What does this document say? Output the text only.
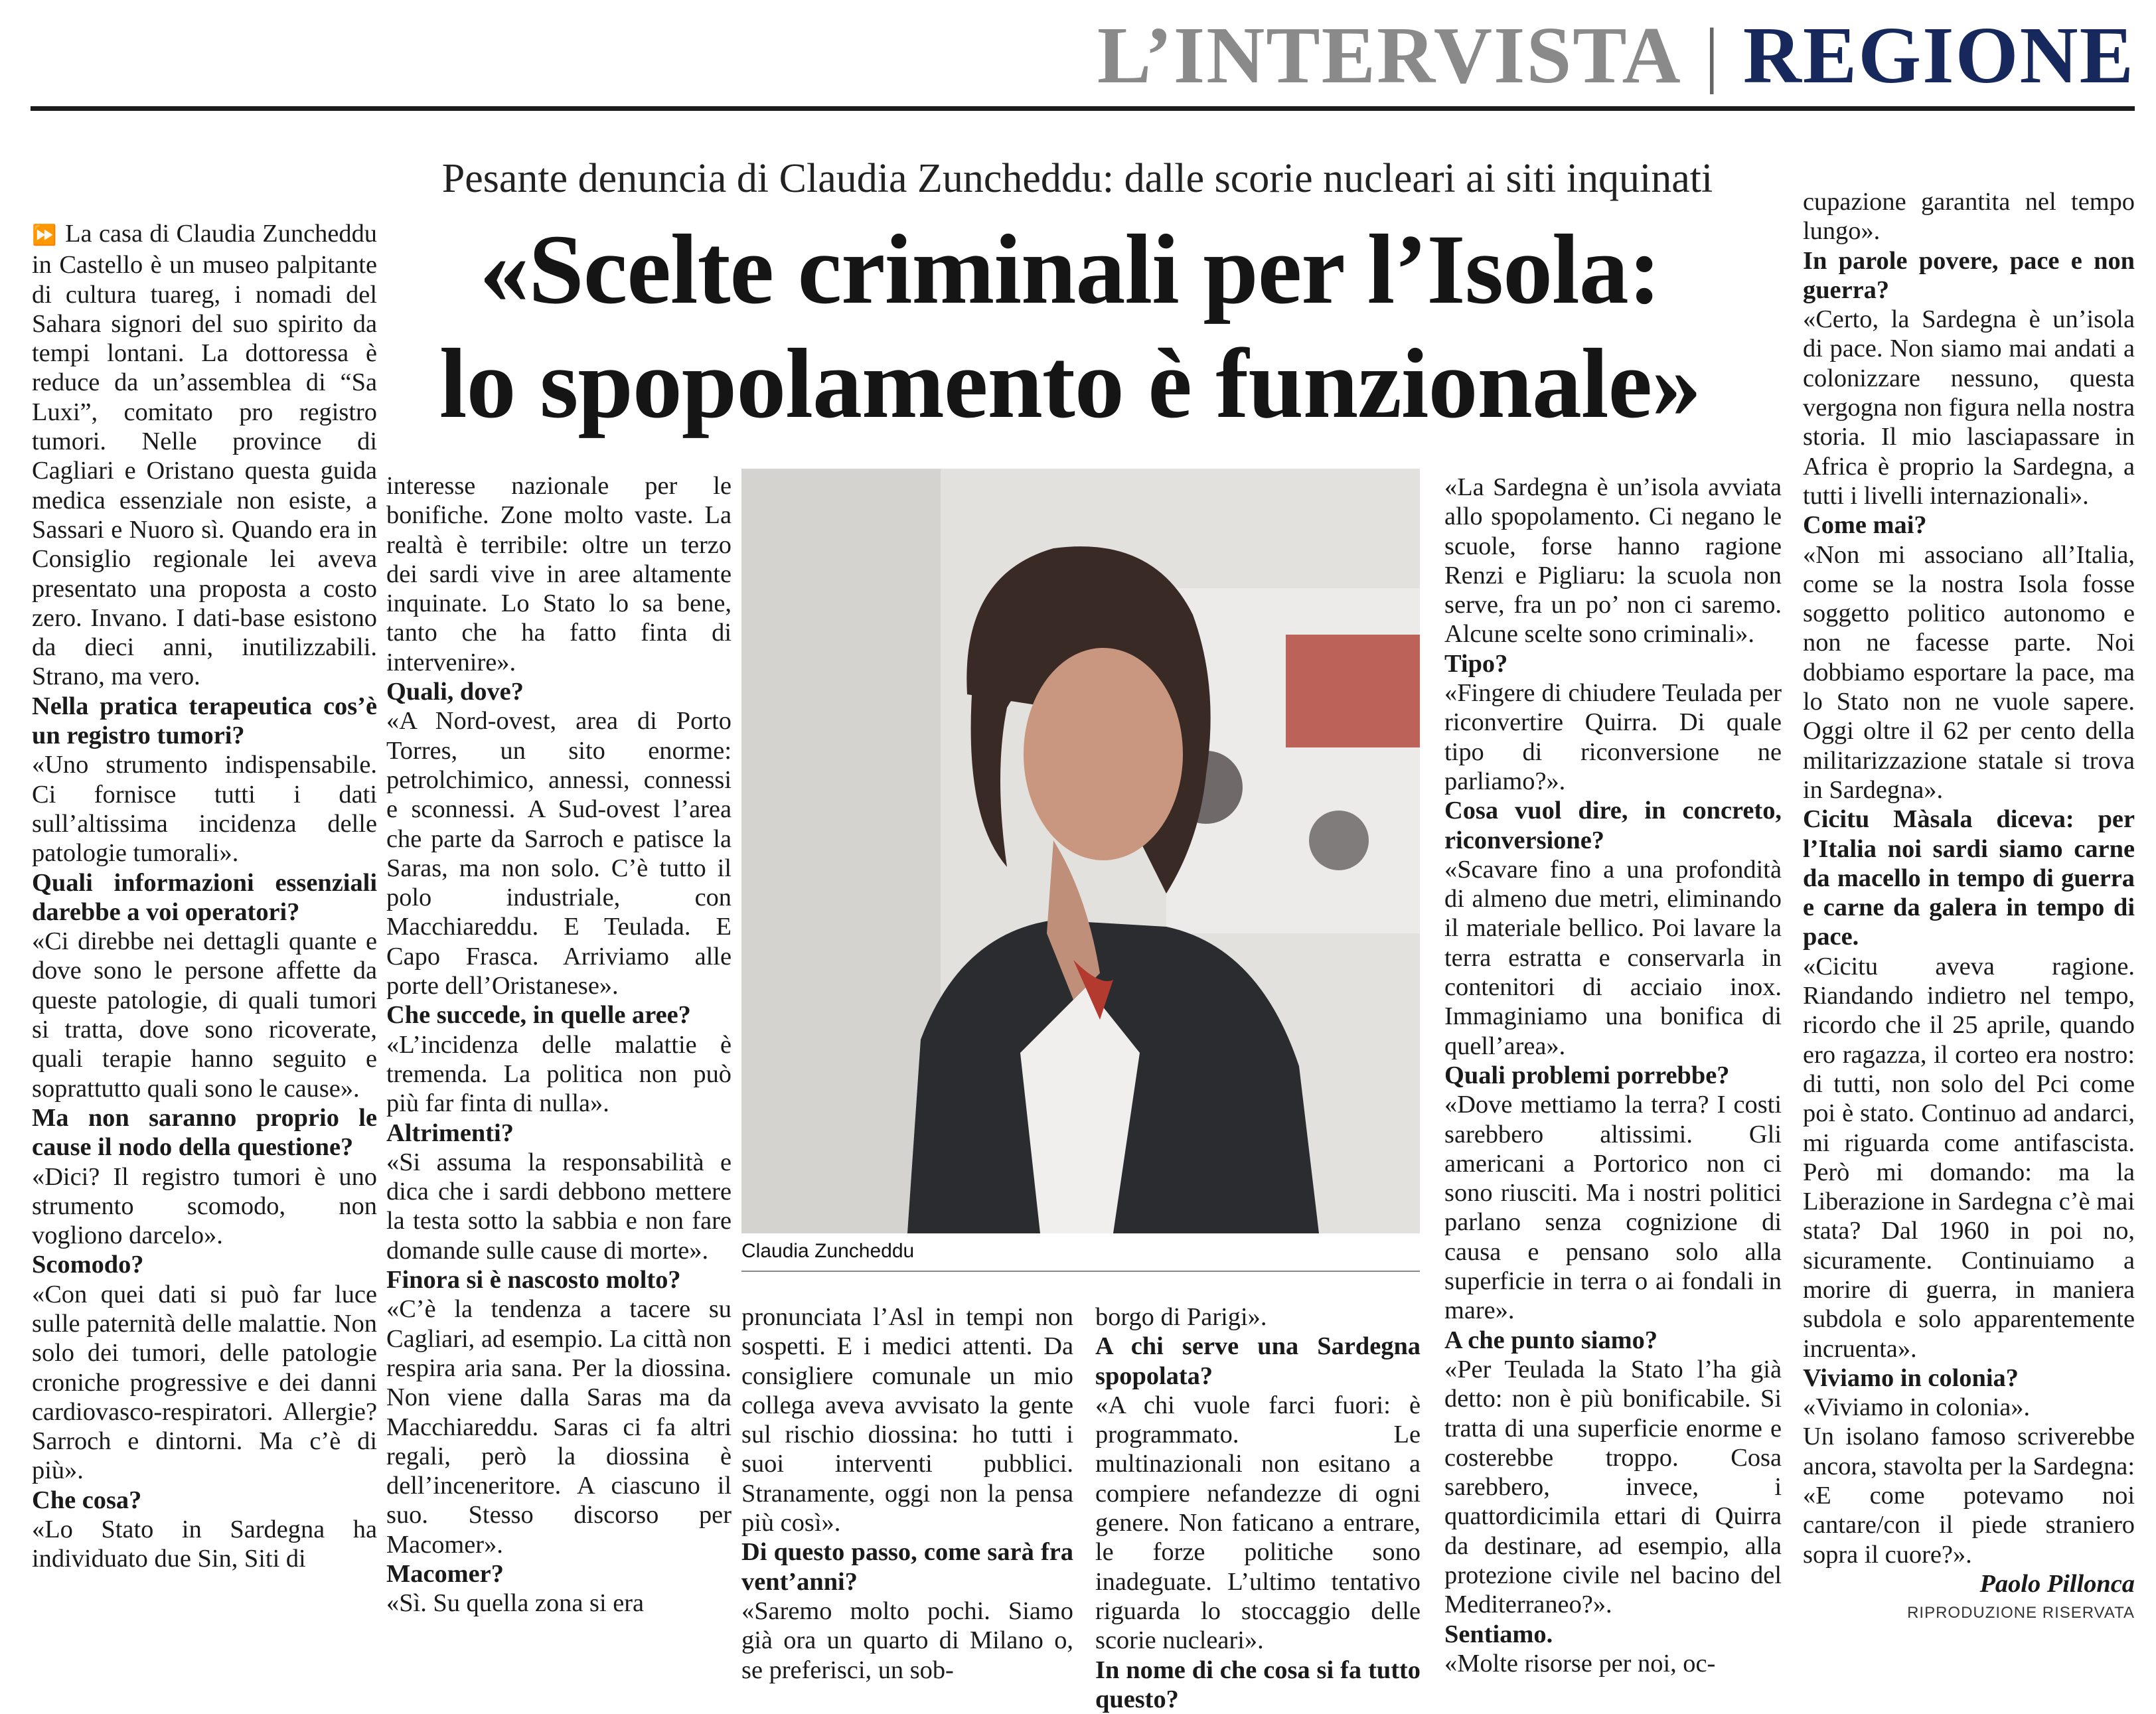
L’INTERVISTA | REGIONE
Pesante denuncia di Claudia Zuncheddu: dalle scorie nucleari ai siti inquinati
«Scelte criminali per l’Isola:
lo spopolamento è funzionale»

⏩ La casa di Claudia Zuncheddu in Castello è un museo palpitante di cultura tuareg, i nomadi del Sahara signori del suo spirito da tempi lontani. La dottoressa è reduce da un’assemblea di “Sa Luxi”, comitato pro registro tumori. Nelle province di Cagliari e Oristano questa guida medica essenziale non esiste, a Sassari e Nuoro sì. Quando era in Consiglio regionale lei aveva presentato una proposta a costo zero. Invano. I dati-base esistono da dieci anni, inutilizzabili. Strano, ma vero.

Nella pratica terapeutica cos’è un registro tumori?

«Uno strumento indispensabile. Ci fornisce tutti i dati sull’altissima incidenza delle patologie tumorali».

Quali informazioni essenziali darebbe a voi operatori?

«Ci direbbe nei dettagli quante e dove sono le persone affette da queste patologie, di quali tumori si tratta, dove sono ricoverate, quali terapie hanno seguito e soprattutto quali sono le cause».

Ma non saranno proprio le cause il nodo della questione?

«Dici? Il registro tumori è uno strumento scomodo, non vogliono darcelo».

Scomodo?

«Con quei dati si può far luce sulle paternità delle malattie. Non solo dei tumori, delle patologie croniche progressive e dei danni cardiovasco-respiratori. Allergie? Sarroch e dintorni. Ma c’è di più».

Che cosa?

«Lo Stato in Sardegna ha individuato due Sin, Siti di

interesse nazionale per le bonifiche. Zone molto vaste. La realtà è terribile: oltre un terzo dei sardi vive in aree altamente inquinate. Lo Stato lo sa bene, tanto che ha fatto finta di intervenire».

Quali, dove?

«A Nord-ovest, area di Porto Torres, un sito enorme: petrolchimico, annessi, connessi e sconnessi. A Sud-ovest l’area che parte da Sarroch e patisce la Saras, ma non solo. C’è tutto il polo industriale, con Macchiareddu. E Teulada. E Capo Frasca. Arriviamo alle porte dell’Oristanese».

Che succede, in quelle aree?

«L’incidenza delle malattie è tremenda. La politica non può più far finta di nulla».

Altrimenti?

«Si assuma la responsabilità e dica che i sardi debbono mettere la testa sotto la sabbia e non fare domande sulle cause di morte».

Finora si è nascosto molto?

«C’è la tendenza a tacere su Cagliari, ad esempio. La città non respira aria sana. Per la diossina. Non viene dalla Saras ma da Macchiareddu. Saras ci fa altri regali, però la diossina è dell’inceneritore. A ciascuno il suo. Stesso discorso per Macomer».

Macomer?

«Sì. Su quella zona si era

pronunciata l’Asl in tempi non sospetti. E i medici attenti. Da consigliere comunale un mio collega aveva avvisato la gente sul rischio diossina: ho tutti i suoi interventi pubblici. Stranamente, oggi non la pensa più così».

Di questo passo, come sarà fra vent’anni?

«Saremo molto pochi. Siamo già ora un quarto di Milano o, se preferisci, un sob-

borgo di Parigi».

A chi serve una Sardegna spopolata?

«A chi vuole farci fuori: è programmato. Le multinazionali non esitano a compiere nefandezze di ogni genere. Non faticano a entrare, le forze politiche sono inadeguate. L’ultimo tentativo riguarda lo stoccaggio delle scorie nucleari».

In nome di che cosa si fa tutto questo?

«La Sardegna è un’isola avviata allo spopolamento. Ci negano le scuole, forse hanno ragione Renzi e Pigliaru: la scuola non serve, fra un po’ non ci saremo. Alcune scelte sono criminali».

Tipo?

«Fingere di chiudere Teulada per riconvertire Quirra. Di quale tipo di riconversione ne parliamo?».

Cosa vuol dire, in concreto, riconversione?

«Scavare fino a una profondità di almeno due metri, eliminando il materiale bellico. Poi lavare la terra estratta e conservarla in contenitori di acciaio inox. Immaginiamo una bonifica di quell’area».

Quali problemi porrebbe?

«Dove mettiamo la terra? I costi sarebbero altissimi. Gli americani a Portorico non ci sono riusciti. Ma i nostri politici parlano senza cognizione di causa e pensano solo alla superficie in terra o ai fondali in mare».

A che punto siamo?

«Per Teulada la Stato l’ha già detto: non è più bonificabile. Si tratta di una superficie enorme e costerebbe troppo. Cosa sarebbero, invece, i quattordicimila ettari di Quirra da destinare, ad esempio, alla protezione civile nel bacino del Mediterraneo?».

Sentiamo.

«Molte risorse per noi, oc-

cupazione garantita nel tempo lungo».

In parole povere, pace e non guerra?

«Certo, la Sardegna è un’isola di pace. Non siamo mai andati a colonizzare nessuno, questa vergogna non figura nella nostra storia. Il mio lasciapassare in Africa è proprio la Sardegna, a tutti i livelli internazionali».

Come mai?

«Non mi associano all’Italia, come se la nostra Isola fosse soggetto politico autonomo e non ne facesse parte. Noi dobbiamo esportare la pace, ma lo Stato non ne vuole sapere. Oggi oltre il 62 per cento della militarizzazione statale si trova in Sardegna».

Cicitu Màsala diceva: per l’Italia noi sardi siamo carne da macello in tempo di guerra e carne da galera in tempo di pace.

«Cicitu aveva ragione. Riandando indietro nel tempo, ricordo che il 25 aprile, quando ero ragazza, il corteo era nostro: di tutti, non solo del Pci come poi è stato. Continuo ad andarci, mi riguarda come antifascista. Però mi domando: ma la Liberazione in Sardegna c’è mai stata? Dal 1960 in poi no, sicuramente. Continuiamo a morire di guerra, in maniera subdola e solo apparentemente incruenta».

Viviamo in colonia?

«Viviamo in colonia».

Un isolano famoso scriverebbe ancora, stavolta per la Sardegna: «E come potevamo noi cantare/con il piede straniero sopra il cuore?».

Paolo Pillonca

RIPRODUZIONE RISERVATA

Claudia Zuncheddu
